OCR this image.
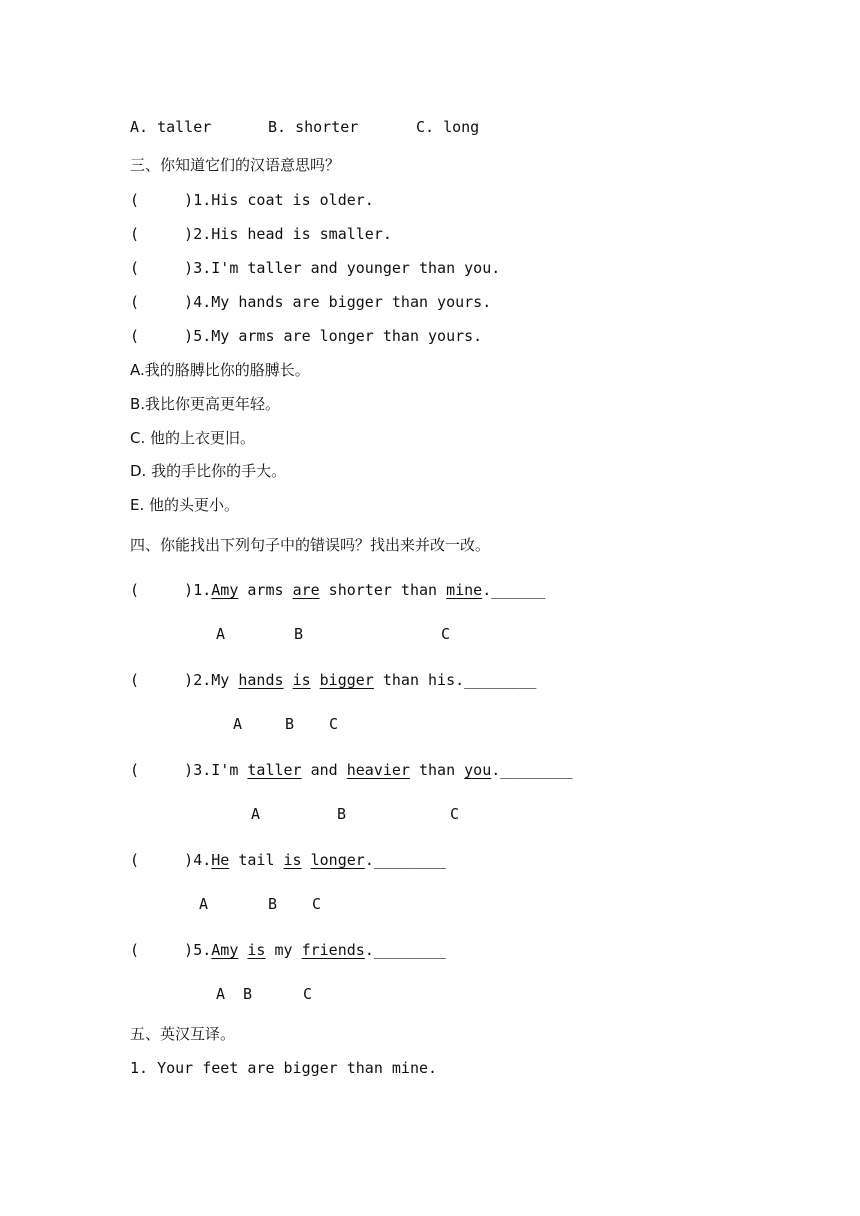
A. taller	B. shorter	C. long
三、你知道它们的汉语意思吗？
(     )1.His coat is older.
(     )2.His head is smaller.
(     )3.I'm taller and younger than you.
(     )4.My hands are bigger than yours.
(     )5.My arms are longer than yours.
A.我的胳膊比你的胳膊长。
B.我比你更高更年轻。
C. 他的上衣更旧。
D. 我的手比你的手大。
E. 他的头更小。
四、你能找出下列句子中的错误吗？找出来并改一改。
(     )1.Amy arms are shorter than mine.______
A	B	C
(     )2.My hands is bigger than his.________
A	B C
(     )3.I'm taller and heavier than you.________
A	B	C
(     )4.He tail is longer.________
A	B C
(     )5.Amy is my friends.________
A B	C
五、英汉互译。
1. Your feet are bigger than mine.
